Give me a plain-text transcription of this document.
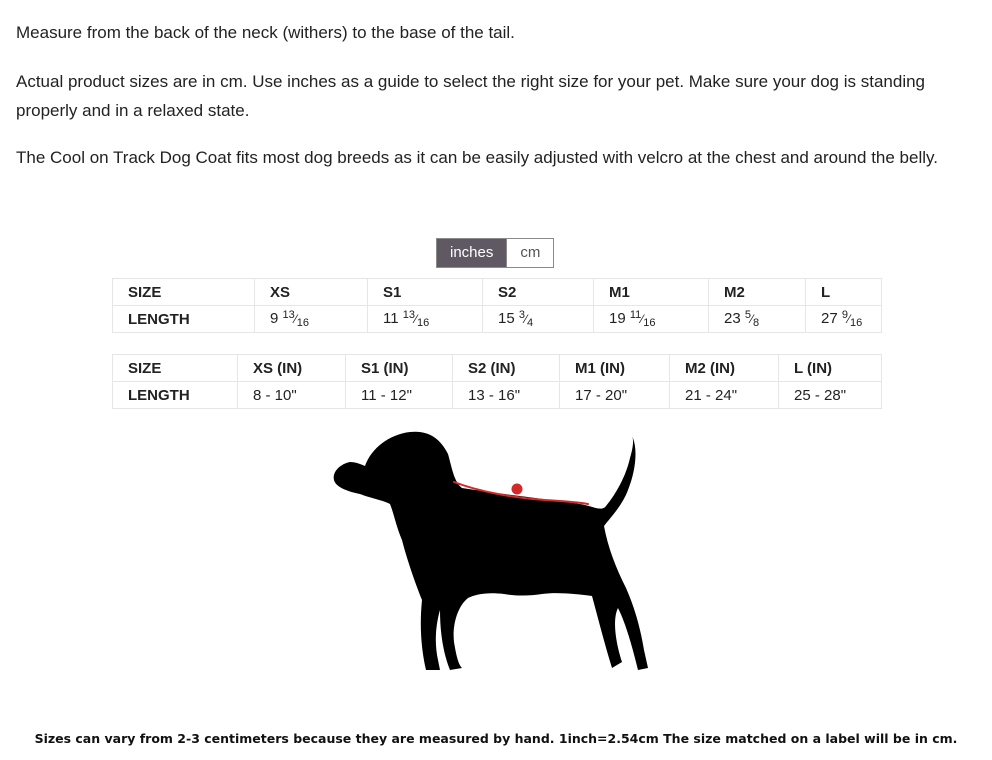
Measure from the back of the neck (withers) to the base of the tail.

Actual product sizes are in cm. Use inches as a guide to select the right size for your pet. Make sure your dog is standing properly and in a relaxed state.

The Cool on Track Dog Coat fits most dog breeds as it can be easily adjusted with velcro at the chest and around the belly.

inches	cm
SIZE	XS	S1	S2	M1	M2	L
LENGTH	9 $^{13}⁄_{16}$	11 $^{13}⁄_{16}$	15 $^3⁄_4$	19 $^{11}⁄_{16}$	23 $^5⁄_8$	27 $^9⁄_{16}$
SIZE	XS (IN)	S1 (IN)	S2 (IN)	M1 (IN)	M2 (IN)	L (IN)
LENGTH	8 - 10"	11 - 12"	13 - 16"	17 - 20"	21 - 24"	25 - 28"
Sizes can vary from 2-3 centimeters because they are measured by hand. 1inch=2.54cm The size matched on a label will be in cm.
